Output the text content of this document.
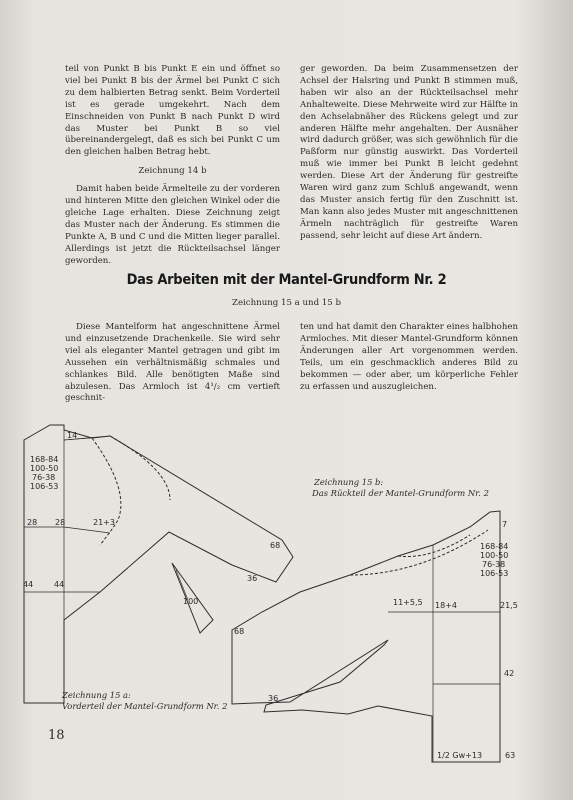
teil von Punkt B bis Punkt E ein und öffnet so viel bei Punkt B bis der Ärmel bei Punkt C sich zu dem halbierten Betrag senkt. Beim Vorderteil ist es gerade umgekehrt. Nach dem Einschneiden von Punkt B nach Punkt D wird das Muster bei Punkt B so viel übereinandergelegt, daß es sich bei Punkt C um den gleichen halben Betrag hebt.

Zeichnung 14 b

Damit haben beide Ärmelteile zu der vorderen und hinteren Mitte den gleichen Winkel oder die gleiche Lage erhalten. Diese Zeichnung zeigt das Muster nach der Änderung. Es stimmen die Punkte A, B und C und die Mitten lieger parallel. Allerdings ist jetzt die Rückteilsachsel länger geworden.

ger geworden. Da beim Zusammensetzen der Achsel der Halsring und Punkt B stimmen muß, haben wir also an der Rückteilsachsel mehr Anhalteweite. Diese Mehrweite wird zur Hälfte in den Achselabnäher des Rückens gelegt und zur anderen Hälfte mehr angehalten. Der Ausnäher wird dadurch größer, was sich gewöhnlich für die Paßform nur günstig auswirkt. Das Vorderteil muß wie immer bei Punkt B leicht gedehnt werden. Diese Art der Änderung für gestreifte Waren wird ganz zum Schluß angewandt, wenn das Muster ansich fertig für den Zuschnitt ist. Man kann also jedes Muster mit angeschnittenen Ärmeln nachträglich für gestreifte Waren passend, sehr leicht auf diese Art ändern.

Das Arbeiten mit der Mantel-Grundform Nr. 2
Zeichnung 15 a und 15 b

Diese Mantelform hat angeschnittene Ärmel und einzusetzende Drachenkeile. Sie wird sehr viel als eleganter Mantel getragen und gibt im Aussehen ein verhältnismäßig schmales und schlankes Bild. Alle benötigten Maße sind abzulesen. Das Armloch ist 4¹/₂ cm vertieft geschnit-

ten und hat damit den Charakter eines halbhohen Armloches. Mit dieser Mantel-Grundform können Änderungen aller Art vorgenommen werden. Teils, um ein geschmacklich anderes Bild zu bekommen — oder aber, um körperliche Fehler zu erfassen und auszugleichen.

168-84
100-50
76-38
106-53
14
28 28	21+3
44	44
68
36
100
168-84
100-50
76-38
106-53
7
11+5,5 18+4	21,5
68
42
36
1/2 Gw+13	63
Zeichnung 15 b:
Das Rückteil der Mantel-Grundform Nr. 2
Zeichnung 15 a:
Vorderteil der Mantel-Grundform Nr. 2
18
